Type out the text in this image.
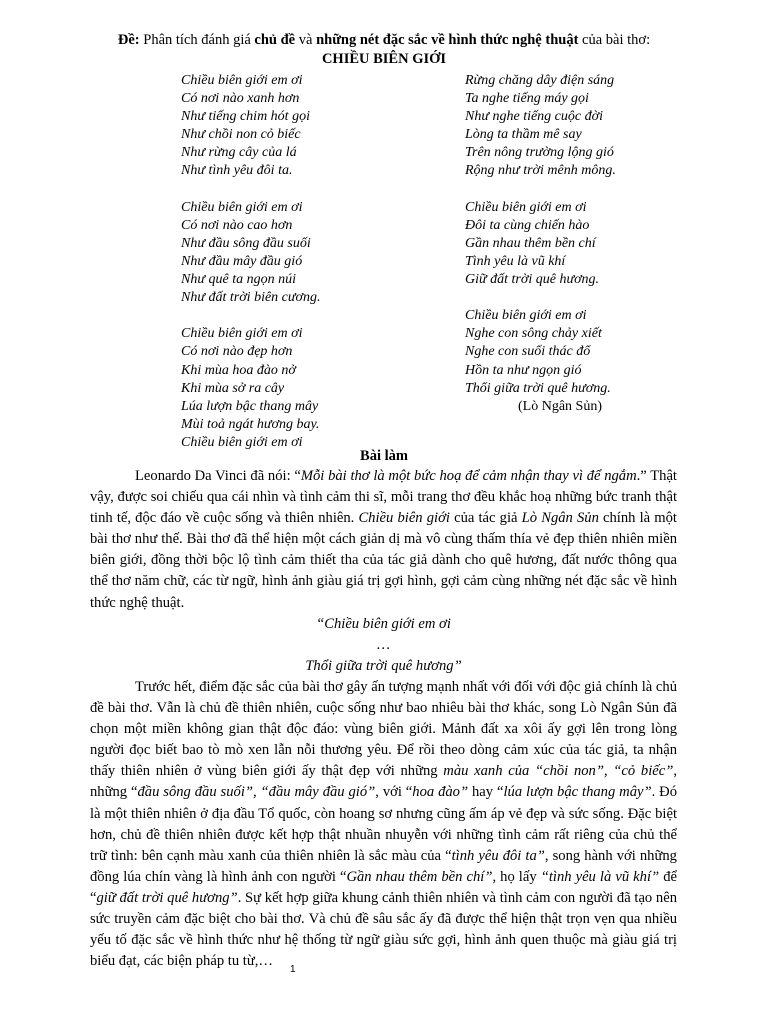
Đề: Phân tích đánh giá chủ đề và những nét đặc sắc về hình thức nghệ thuật của bài thơ:
CHIỀU BIÊN GIỚI
Chiều biên giới em ơi
Có nơi nào xanh hơn
Như tiếng chim hót gọi
Như chồi non cỏ biếc
Như rừng cây của lá
Như tình yêu đôi ta.
Chiều biên giới em ơi
Có nơi nào cao hơn
Như đầu sông đầu suối
Như đầu mây đầu gió
Như quê ta ngọn núi
Như đất trời biên cương.
Chiều biên giới em ơi
Có nơi nào đẹp hơn
Khi mùa hoa đào nở
Khi mùa sở ra cây
Lúa lượn bậc thang mây
Mùi toả ngát hương bay.
Chiều biên giới em ơi
Rừng chăng dây điện sáng
Ta nghe tiếng máy gọi
Như nghe tiếng cuộc đời
Lòng ta thầm mê say
Trên nông trường lộng gió
Rộng như trời mênh mông.
Chiều biên giới em ơi
Đôi ta cùng chiến hào
Gần nhau thêm bền chí
Tình yêu là vũ khí
Giữ đất trời quê hương.
Chiều biên giới em ơi
Nghe con sông chảy xiết
Nghe con suối thác đổ
Hồn ta như ngọn gió
Thổi giữa trời quê hương.
(Lò Ngân Sủn)
Bài làm

Leonardo Da Vinci đã nói: “Mỗi bài thơ là một bức hoạ để cảm nhận thay vì để ngắm.” Thật vậy, được soi chiếu qua cái nhìn và tình cảm thi sĩ, mỗi trang thơ đều khắc hoạ những bức tranh thật tinh tế, độc đáo về cuộc sống và thiên nhiên. Chiều biên giới của tác giả Lò Ngân Sủn chính là một bài thơ như thế. Bài thơ đã thể hiện một cách giản dị mà vô cùng thấm thía vẻ đẹp thiên nhiên miền biên giới, đồng thời bộc lộ tình cảm thiết tha của tác giả dành cho quê hương, đất nước thông qua thể thơ năm chữ, các từ ngữ, hình ảnh giàu giá trị gợi hình, gợi cảm cùng những nét đặc sắc về hình thức nghệ thuật.

“Chiều biên giới em ơi

…

Thổi giữa trời quê hương”

Trước hết, điểm đặc sắc của bài thơ gây ấn tượng mạnh nhất với đối với độc giả chính là chủ đề bài thơ. Vẫn là chủ đề thiên nhiên, cuộc sống như bao nhiêu bài thơ khác, song Lò Ngân Sủn đã chọn một miền không gian thật độc đáo: vùng biên giới. Mảnh đất xa xôi ấy gợi lên trong lòng người đọc biết bao tò mò xen lẫn nỗi thương yêu. Để rồi theo dòng cảm xúc của tác giả, ta nhận thấy thiên nhiên ở vùng biên giới ấy thật đẹp với những màu xanh của “chồi non”, “cỏ biếc”, những “đầu sông đầu suối”, “đầu mây đầu gió”, với “hoa đào” hay “lúa lượn bậc thang mây”. Đó là một thiên nhiên ở địa đầu Tổ quốc, còn hoang sơ nhưng cũng ấm áp vẻ đẹp và sức sống. Đặc biệt hơn, chủ đề thiên nhiên được kết hợp thật nhuần nhuyễn với những tình cảm rất riêng của chủ thể trữ tình: bên cạnh màu xanh của thiên nhiên là sắc màu của “tình yêu đôi ta”, song hành với những đồng lúa chín vàng là hình ảnh con người “Gần nhau thêm bền chí”, họ lấy “tình yêu là vũ khí” để “giữ đất trời quê hương”. Sự kết hợp giữa khung cảnh thiên nhiên và tình cảm con người đã tạo nên sức truyền cảm đặc biệt cho bài thơ. Và chủ đề sâu sắc ấy đã được thể hiện thật trọn vẹn qua nhiều yếu tố đặc sắc về hình thức như hệ thống từ ngữ giàu sức gợi, hình ảnh quen thuộc mà giàu giá trị biểu đạt, các biện pháp tu từ,…

1
